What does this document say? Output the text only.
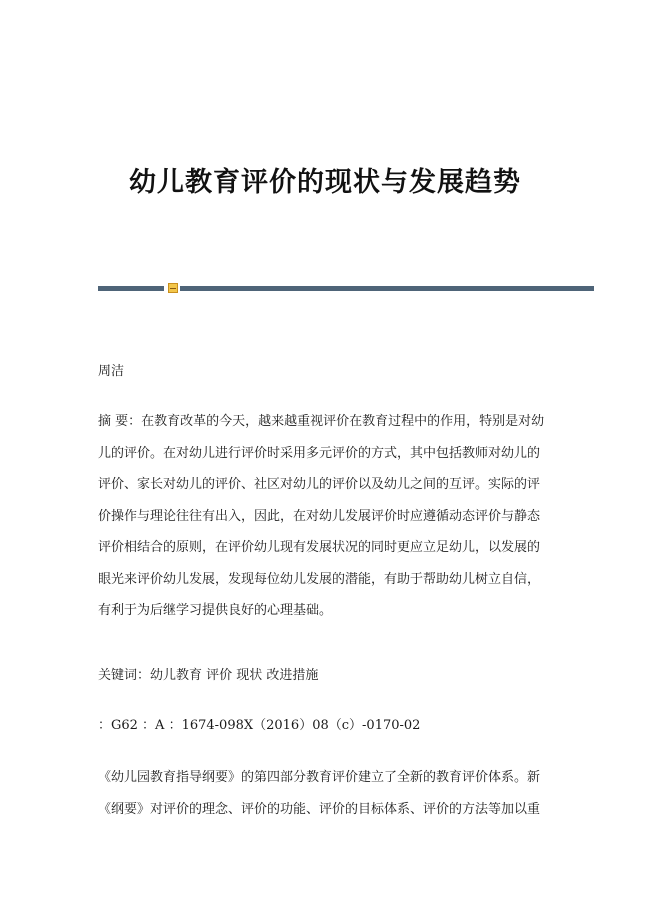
幼儿教育评价的现状与发展趋势
周洁
摘 要：在教育改革的今天，越来越重视评价在教育过程中的作用，特别是对幼
儿的评价。在对幼儿进行评价时采用多元评价的方式，其中包括教师对幼儿的
评价、家长对幼儿的评价、社区对幼儿的评价以及幼儿之间的互评。实际的评
价操作与理论往往有出入，因此，在对幼儿发展评价时应遵循动态评价与静态
评价相结合的原则，在评价幼儿现有发展状况的同时更应立足幼儿，以发展的
眼光来评价幼儿发展，发现每位幼儿发展的潜能，有助于帮助幼儿树立自信，
有利于为后继学习提供良好的心理基础。
关键词：幼儿教育 评价 现状 改进措施
：G62 ：A ：1674-098X（2016）08（c）-0170-02
《幼儿园教育指导纲要》的第四部分教育评价建立了全新的教育评价体系。新
《纲要》对评价的理念、评价的功能、评价的目标体系、评价的方法等加以重
